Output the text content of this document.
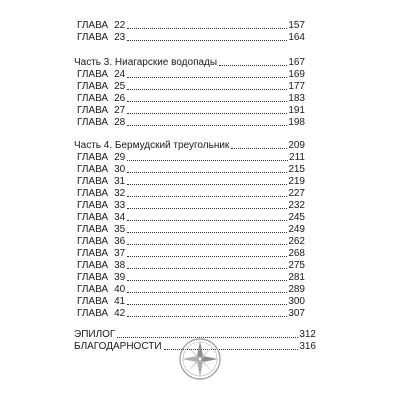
ГЛАВА 22	157
ГЛАВА 23	164
Часть 3. Ниагарские водопады	167
ГЛАВА 24	169
ГЛАВА 25	177
ГЛАВА 26	183
ГЛАВА 27	191
ГЛАВА 28	198
Часть 4. Бермудский треугольник	209
ГЛАВА 29	211
ГЛАВА 30	215
ГЛАВА 31	219
ГЛАВА 32	227
ГЛАВА 33	232
ГЛАВА 34	245
ГЛАВА 35	249
ГЛАВА 36	262
ГЛАВА 37	268
ГЛАВА 38	275
ГЛАВА 39	281
ГЛАВА 40	289
ГЛАВА 41	300
ГЛАВА 42	307
ЭПИЛОГ	312
БЛАГОДАРНОСТИ	316
